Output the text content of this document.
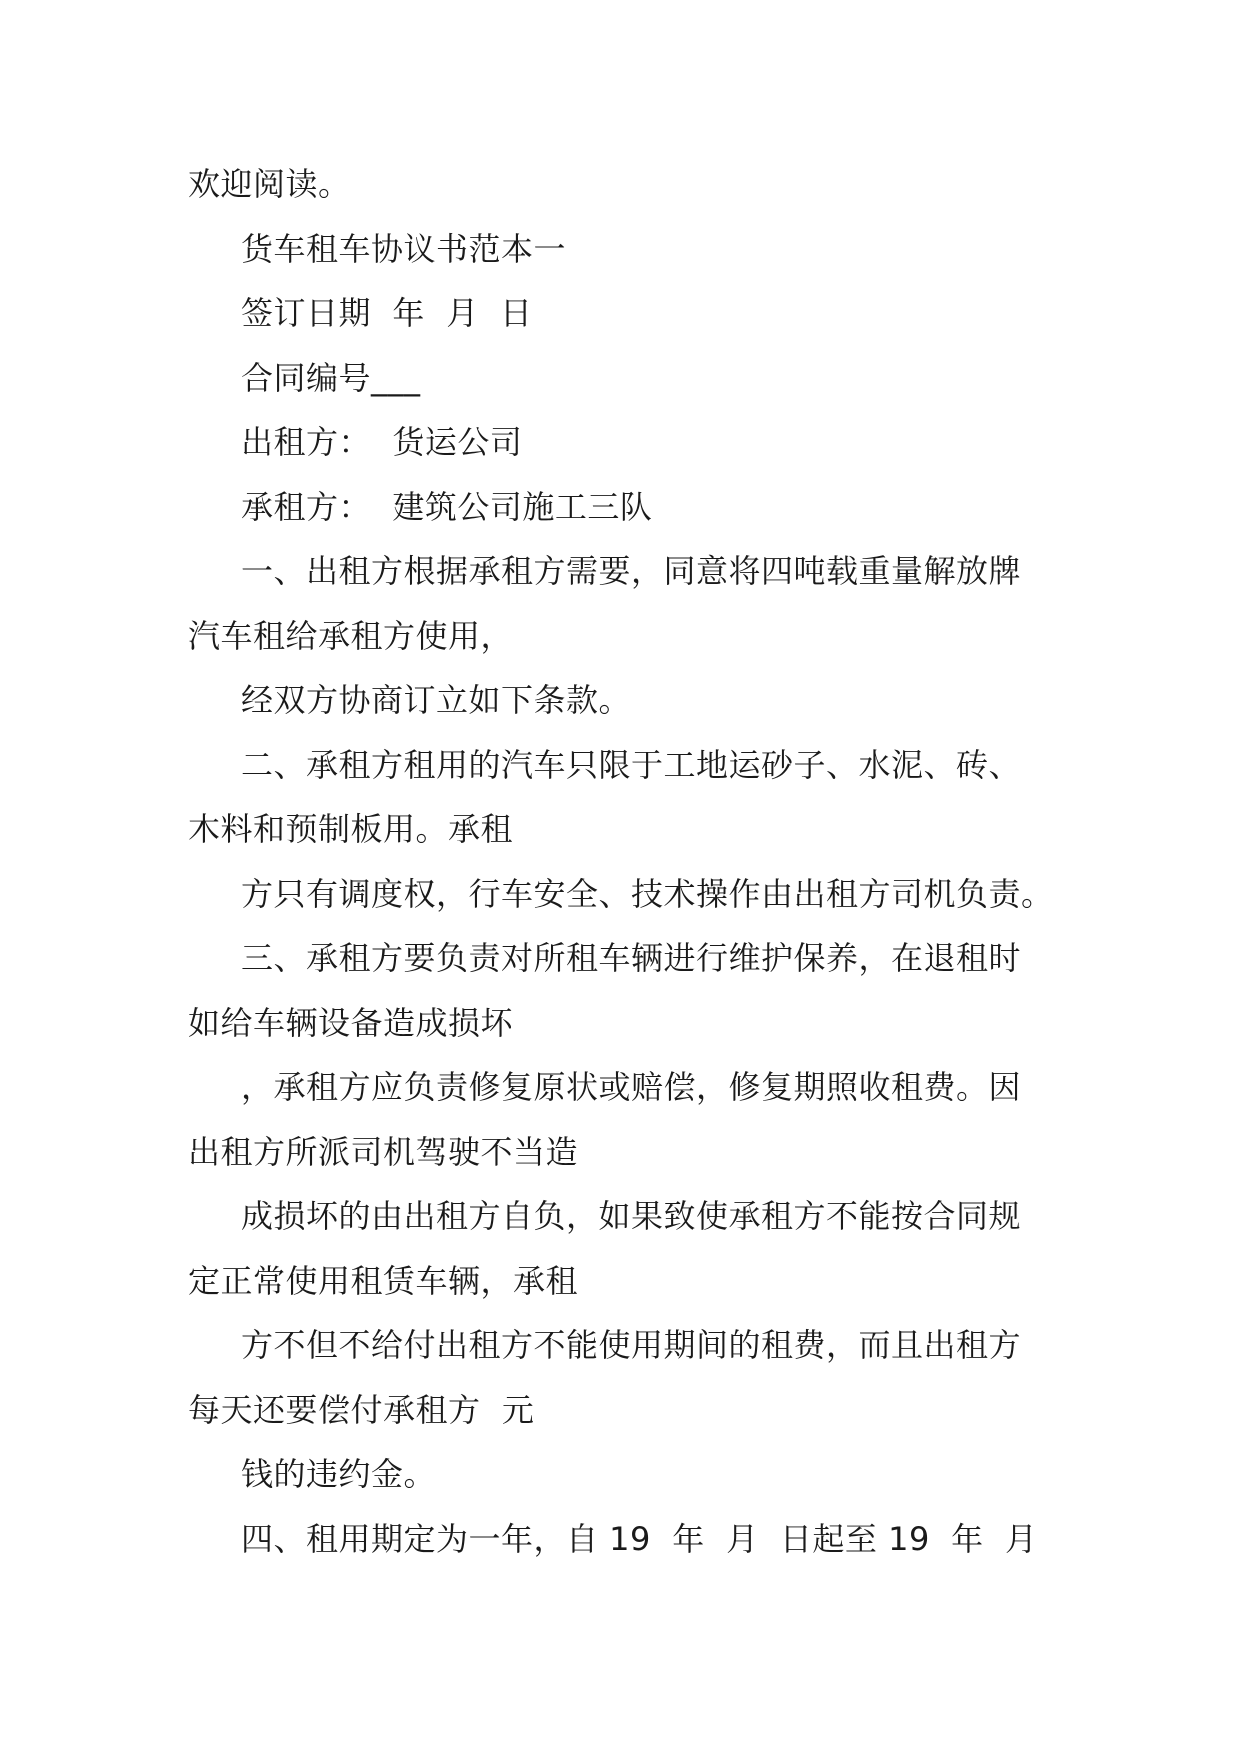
欢迎阅读。
货车租车协议书范本一
签订日期  年  月  日
合同编号___
出租方：  货运公司
承租方：  建筑公司施工三队
一、出租方根据承租方需要，同意将四吨载重量解放牌
汽车租给承租方使用，
经双方协商订立如下条款。
二、承租方租用的汽车只限于工地运砂子、水泥、砖、
木料和预制板用。承租
方只有调度权，行车安全、技术操作由出租方司机负责。
三、承租方要负责对所租车辆进行维护保养，在退租时
如给车辆设备造成损坏
，承租方应负责修复原状或赔偿，修复期照收租费。因
出租方所派司机驾驶不当造
成损坏的由出租方自负，如果致使承租方不能按合同规
定正常使用租赁车辆，承租
方不但不给付出租方不能使用期间的租费，而且出租方
每天还要偿付承租方  元
钱的违约金。
四、租用期定为一年，自 19  年  月  日起至 19  年  月
